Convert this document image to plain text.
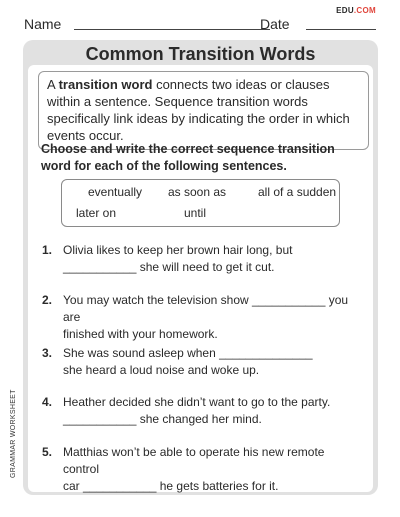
Name	Date
EDU.COM
Common Transition Words
A transition word connects two ideas or clauses within a sentence. Sequence transition words specifically link ideas by indicating the order in which events occur.
Choose and write the correct sequence transition word for each of the following sentences.
eventually as soon as	all of a sudden
later on	until
1. Olivia likes to keep her brown hair long, but
___________ she will need to get it cut.
2. You may watch the television show ___________ you are
finished with your homework.
3. She was sound asleep when ______________
she heard a loud noise and woke up.
4. Heather decided she didn’t want to go to the party.
___________ she changed her mind.
5. Matthias won’t be able to operate his new remote control
car ___________ he gets batteries for it.
GRAMMAR WORKSHEET
